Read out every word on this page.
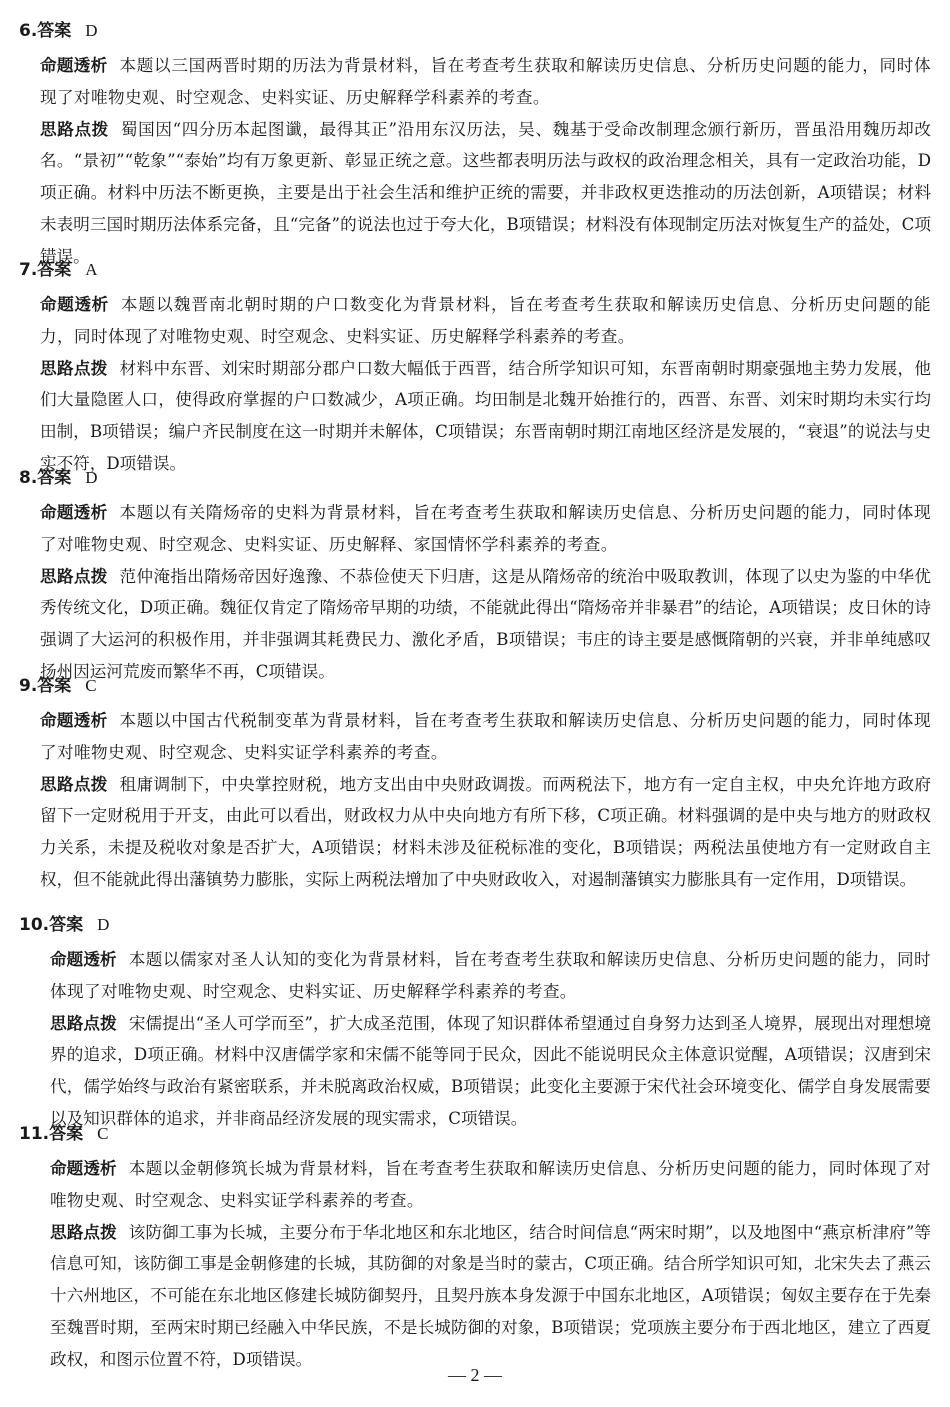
6.答案 D

命题透析 本题以三国两晋时期的历法为背景材料，旨在考查考生获取和解读历史信息、分析历史问题的能力，同时体现了对唯物史观、时空观念、史料实证、历史解释学科素养的考查。

思路点拨 蜀国因“四分历本起图谶，最得其正”沿用东汉历法，吴、魏基于受命改制理念颁行新历，晋虽沿用魏历却改名。“景初”“乾象”“泰始”均有万象更新、彰显正统之意。这些都表明历法与政权的政治理念相关，具有一定政治功能，D项正确。材料中历法不断更换，主要是出于社会生活和维护正统的需要，并非政权更迭推动的历法创新，A项错误；材料未表明三国时期历法体系完备，且“完备”的说法也过于夸大化，B项错误；材料没有体现制定历法对恢复生产的益处，C项错误。

7.答案 A

命题透析 本题以魏晋南北朝时期的户口数变化为背景材料，旨在考查考生获取和解读历史信息、分析历史问题的能力，同时体现了对唯物史观、时空观念、史料实证、历史解释学科素养的考查。

思路点拨 材料中东晋、刘宋时期部分郡户口数大幅低于西晋，结合所学知识可知，东晋南朝时期豪强地主势力发展，他们大量隐匿人口，使得政府掌握的户口数减少，A项正确。均田制是北魏开始推行的，西晋、东晋、刘宋时期均未实行均田制，B项错误；编户齐民制度在这一时期并未解体，C项错误；东晋南朝时期江南地区经济是发展的，“衰退”的说法与史实不符，D项错误。

8.答案 D

命题透析 本题以有关隋炀帝的史料为背景材料，旨在考查考生获取和解读历史信息、分析历史问题的能力，同时体现了对唯物史观、时空观念、史料实证、历史解释、家国情怀学科素养的考查。

思路点拨 范仲淹指出隋炀帝因好逸豫、不恭俭使天下归唐，这是从隋炀帝的统治中吸取教训，体现了以史为鉴的中华优秀传统文化，D项正确。魏征仅肯定了隋炀帝早期的功绩，不能就此得出“隋炀帝并非暴君”的结论，A项错误；皮日休的诗强调了大运河的积极作用，并非强调其耗费民力、激化矛盾，B项错误；韦庄的诗主要是感慨隋朝的兴衰，并非单纯感叹扬州因运河荒废而繁华不再，C项错误。

9.答案 C

命题透析 本题以中国古代税制变革为背景材料，旨在考查考生获取和解读历史信息、分析历史问题的能力，同时体现了对唯物史观、时空观念、史料实证学科素养的考查。

思路点拨 租庸调制下，中央掌控财税，地方支出由中央财政调拨。而两税法下，地方有一定自主权，中央允许地方政府留下一定财税用于开支，由此可以看出，财政权力从中央向地方有所下移，C项正确。材料强调的是中央与地方的财政权力关系，未提及税收对象是否扩大，A项错误；材料未涉及征税标准的变化，B项错误；两税法虽使地方有一定财政自主权，但不能就此得出藩镇势力膨胀，实际上两税法增加了中央财政收入，对遏制藩镇实力膨胀具有一定作用，D项错误。

10.答案 D

命题透析 本题以儒家对圣人认知的变化为背景材料，旨在考查考生获取和解读历史信息、分析历史问题的能力，同时体现了对唯物史观、时空观念、史料实证、历史解释学科素养的考查。

思路点拨 宋儒提出“圣人可学而至”，扩大成圣范围，体现了知识群体希望通过自身努力达到圣人境界，展现出对理想境界的追求，D项正确。材料中汉唐儒学家和宋儒不能等同于民众，因此不能说明民众主体意识觉醒，A项错误；汉唐到宋代，儒学始终与政治有紧密联系，并未脱离政治权威，B项错误；此变化主要源于宋代社会环境变化、儒学自身发展需要以及知识群体的追求，并非商品经济发展的现实需求，C项错误。

11.答案 C

命题透析 本题以金朝修筑长城为背景材料，旨在考查考生获取和解读历史信息、分析历史问题的能力，同时体现了对唯物史观、时空观念、史料实证学科素养的考查。

思路点拨 该防御工事为长城，主要分布于华北地区和东北地区，结合时间信息“两宋时期”，以及地图中“燕京析津府”等信息可知，该防御工事是金朝修建的长城，其防御的对象是当时的蒙古，C项正确。结合所学知识可知，北宋失去了燕云十六州地区，不可能在东北地区修建长城防御契丹，且契丹族本身发源于中国东北地区，A项错误；匈奴主要存在于先秦至魏晋时期，至两宋时期已经融入中华民族，不是长城防御的对象，B项错误；党项族主要分布于西北地区，建立了西夏政权，和图示位置不符，D项错误。

— 2 —
